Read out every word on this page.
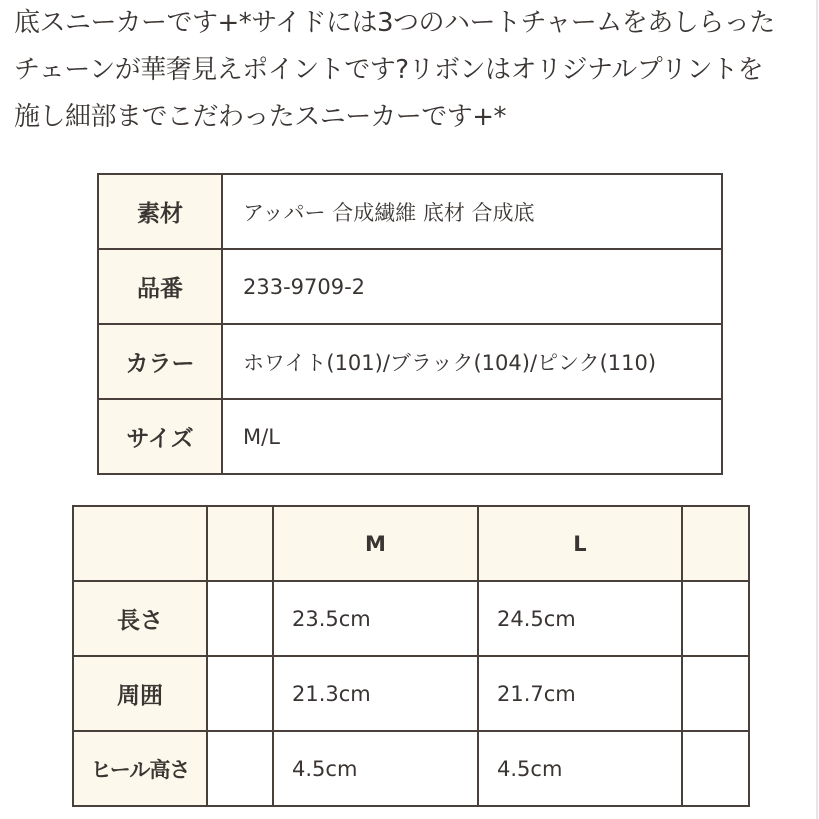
底スニーカーです+*サイドには3つのハートチャームをあしらった
チェーンが華奢見えポイントです?リボンはオリジナルプリントを
施し細部までこだわったスニーカーです+*
素材	アッパー 合成繊維 底材 合成底
品番	233-9709-2
カラー	ホワイト(101)/ブラック(104)/ピンク(110)
サイズ	M/L
		M	L	
長さ		23.5cm	24.5cm	
周囲		21.3cm	21.7cm	
ヒール高さ		4.5cm	4.5cm	
